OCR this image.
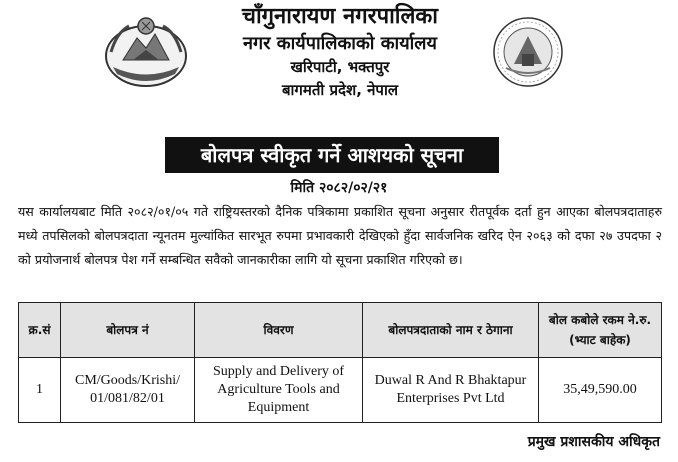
चाँगुनारायण नगरपालिका
नगर कार्यपालिकाको कार्यालय
खरिपाटी, भक्तपुर
बागमती प्रदेश, नेपाल
बोलपत्र स्वीकृत गर्ने आशयको सूचना
मिति २०८२/०२/२१

यस कार्यालयबाट मिति २०८२/०१/०५ गते राष्ट्रियस्तरको दैनिक पत्रिकामा प्रकाशित सूचना अनुसार रीतपूर्वक दर्ता हुन आएका बोलपत्रदाताहरु मध्ये तपसिलको बोलपत्रदाता न्यूनतम मुल्यांकित सारभूत रुपमा प्रभावकारी देखिएको हुँदा सार्वजनिक खरिद ऐन २०६३ को दफा २७ उपदफा २ को प्रयोजनार्थ बोलपत्र पेश गर्ने सम्बन्धित सवैको जानकारीका लागि यो सूचना प्रकाशित गरिएको छ।

क्र.सं	बोलपत्र नं	विवरण	बोलपत्रदाताको नाम र ठेगाना	बोल कबोले रकम ने.रु.(भ्याट बाहेक)
1	CM/Goods/Krishi/ 01/081/82/01	Supply and Delivery of Agriculture Tools and Equipment	Duwal R And R Bhaktapur Enterprises Pvt Ltd	35,49,590.00
प्रमुख प्रशासकीय अधिकृत
